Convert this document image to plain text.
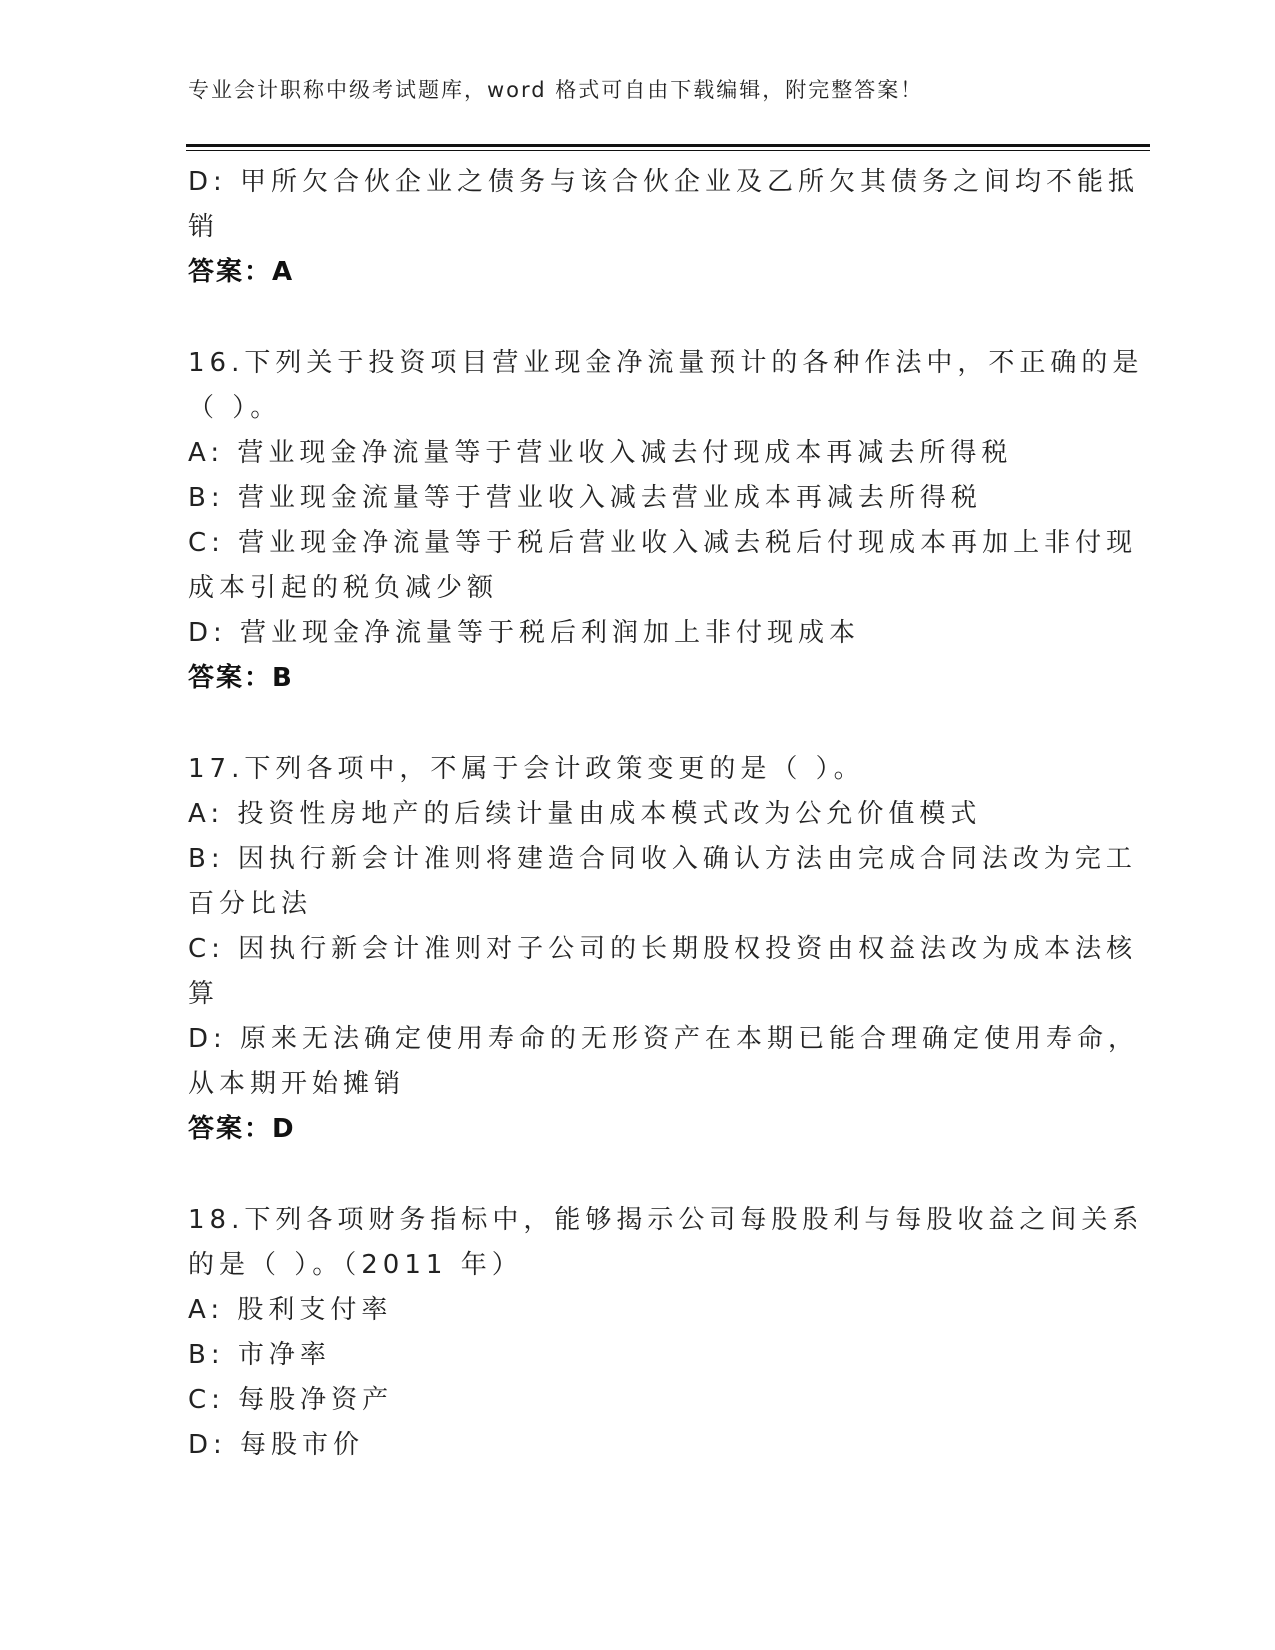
专业会计职称中级考试题库，word 格式可自由下载编辑，附完整答案！
D: 甲所欠合伙企业之债务与该合伙企业及乙所欠其债务之间均不能抵
销
答案：A
16.下列关于投资项目营业现金净流量预计的各种作法中，不正确的是
（ ）。
A: 营业现金净流量等于营业收入减去付现成本再减去所得税
B: 营业现金流量等于营业收入减去营业成本再减去所得税
C: 营业现金净流量等于税后营业收入减去税后付现成本再加上非付现
成本引起的税负减少额
D: 营业现金净流量等于税后利润加上非付现成本
答案：B
17.下列各项中，不属于会计政策变更的是（ ）。
A: 投资性房地产的后续计量由成本模式改为公允价值模式
B: 因执行新会计准则将建造合同收入确认方法由完成合同法改为完工
百分比法
C: 因执行新会计准则对子公司的长期股权投资由权益法改为成本法核
算
D: 原来无法确定使用寿命的无形资产在本期已能合理确定使用寿命，
从本期开始摊销
答案：D
18.下列各项财务指标中，能够揭示公司每股股利与每股收益之间关系
的是（ ）。（2011 年）
A: 股利支付率
B: 市净率
C: 每股净资产
D: 每股市价
